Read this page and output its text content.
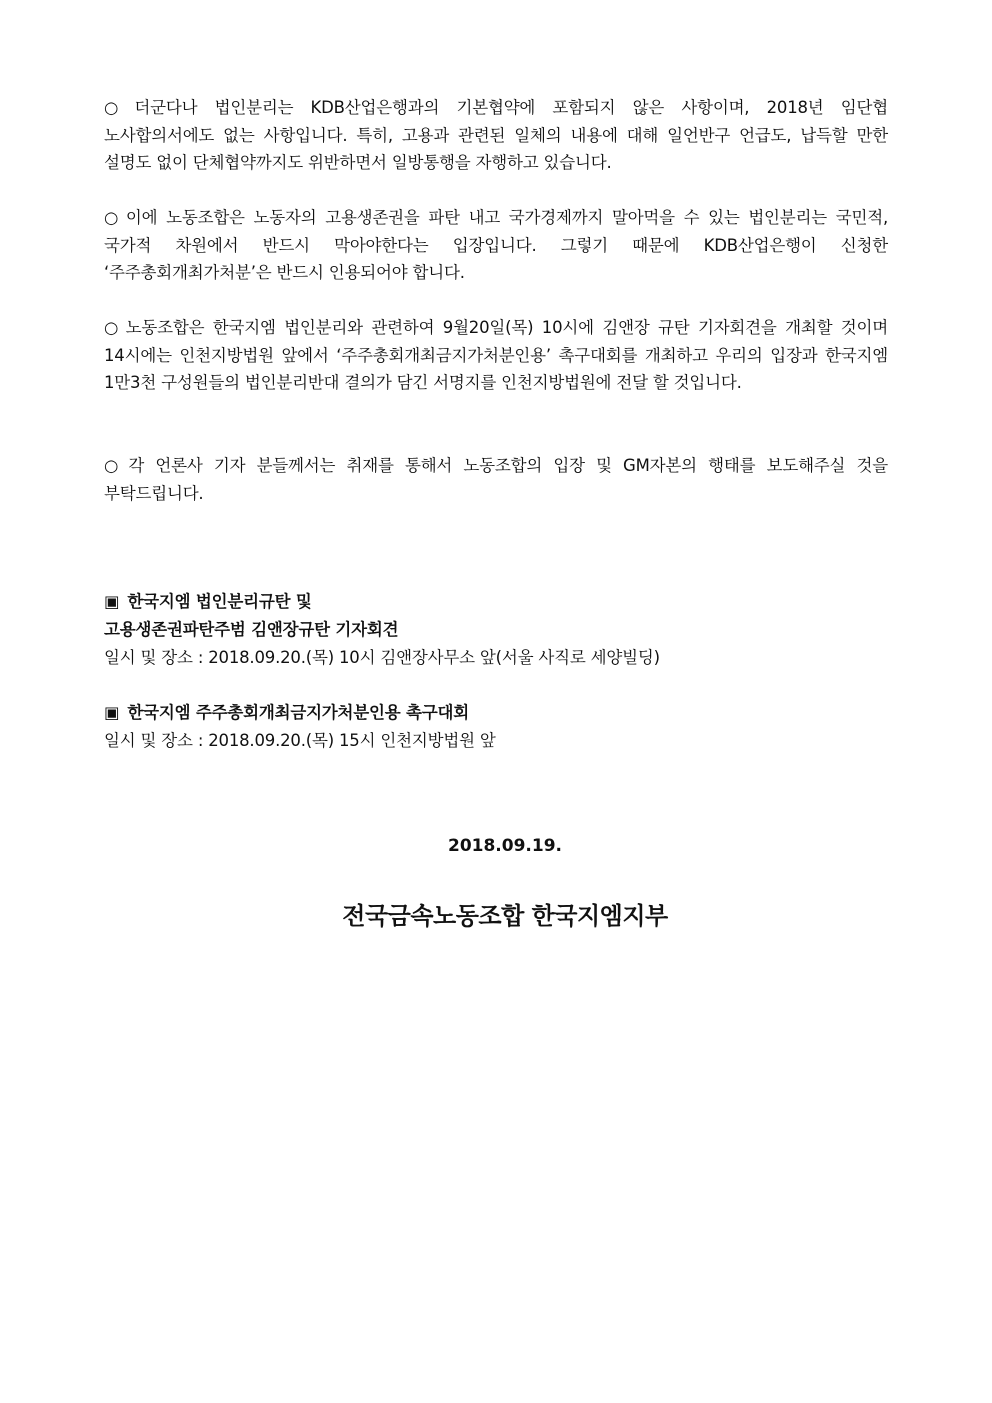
○ 더군다나 법인분리는 KDB산업은행과의 기본협약에 포함되지 않은 사항이며, 2018년 임단협 노사합의서에도 없는 사항입니다. 특히, 고용과 관련된 일체의 내용에 대해 일언반구 언급도, 납득할 만한 설명도 없이 단체협약까지도 위반하면서 일방통행을 자행하고 있습니다.
○ 이에 노동조합은 노동자의 고용생존권을 파탄 내고 국가경제까지 말아먹을 수 있는 법인분리는 국민적, 국가적 차원에서 반드시 막아야한다는 입장입니다. 그렇기 때문에 KDB산업은행이 신청한 ‘주주총회개최가처분’은 반드시 인용되어야 합니다.
○ 노동조합은 한국지엠 법인분리와 관련하여 9월20일(목) 10시에 김앤장 규탄 기자회견을 개최할 것이며 14시에는 인천지방법원 앞에서 ‘주주총회개최금지가처분인용’ 촉구대회를 개최하고 우리의 입장과 한국지엠 1만3천 구성원들의 법인분리반대 결의가 담긴 서명지를 인천지방법원에 전달 할 것입니다.
○ 각 언론사 기자 분들께서는 취재를 통해서 노동조합의 입장 및 GM자본의 행태를 보도해주실 것을 부탁드립니다.
▣ 한국지엠 법인분리규탄 및
고용생존권파탄주범 김앤장규탄 기자회견
일시 및 장소 : 2018.09.20.(목) 10시 김앤장사무소 앞(서울 사직로 세양빌딩)
▣ 한국지엠 주주총회개최금지가처분인용 촉구대회
일시 및 장소 : 2018.09.20.(목) 15시 인천지방법원 앞
2018.09.19.
전국금속노동조합 한국지엠지부
